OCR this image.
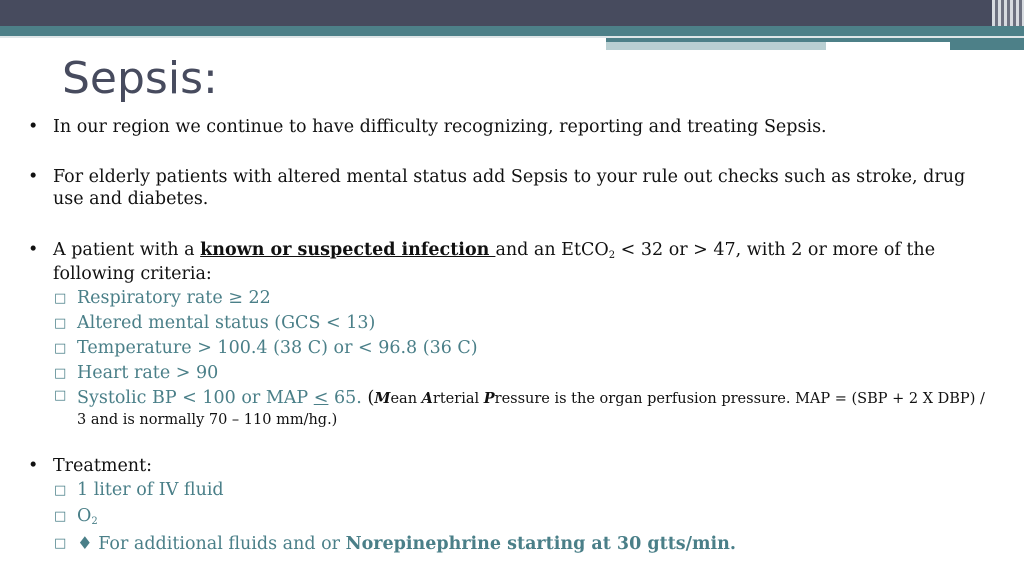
Sepsis:
• In our region we continue to have difficulty recognizing, reporting and treating Sepsis.
• For elderly patients with altered mental status add Sepsis to your rule out checks such as stroke, drug use and diabetes.
• A patient with a known or suspected infection and an EtCO$_2$ < 32 or > 47, with 2 or more of the following criteria:
□ Respiratory rate ≥ 22
□ Altered mental status (GCS < 13)
□ Temperature > 100.4 (38 C) or < 96.8 (36 C)
□ Heart rate > 90
□ Systolic BP < 100 or MAP ≤ 65. (Mean Arterial Pressure is the organ perfusion pressure. MAP = (SBP + 2 X DBP) / 3 and is normally 70 – 110 mm/hg.)
• Treatment:
□ 1 liter of IV fluid
□ $O_2$
□ ♦ For additional fluids and or Norepinephrine starting at 30 gtts/min.
